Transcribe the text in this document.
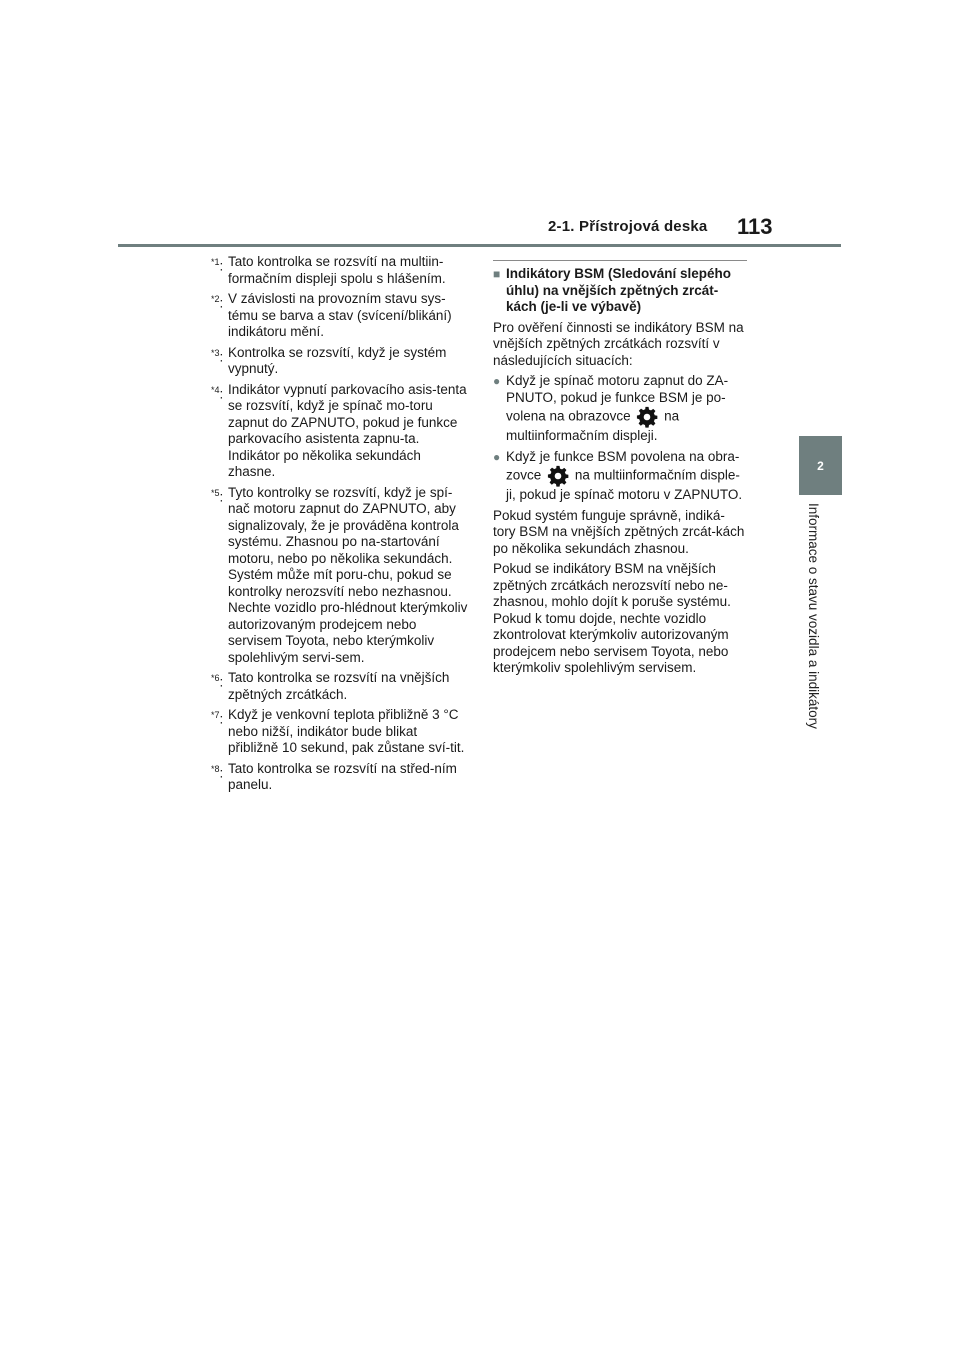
2-1. Přístrojová deska 113
2
Informace o stavu vozidla a indikátory
$^{*1}$: Tato kontrolka se rozsvítí na multiin-formačním displeji spolu s hlášením.
$^{*2}$: V závislosti na provozním stavu sys-tému se barva a stav (svícení/blikání) indikátoru mění.
$^{*3}$: Kontrolka se rozsvítí, když je systém vypnutý.
$^{*4}$: Indikátor vypnutí parkovacího asis-tenta se rozsvítí, když je spínač mo-toru zapnut do ZAPNUTO, pokud je funkce parkovacího asistenta zapnu-ta. Indikátor po několika sekundách zhasne.
$^{*5}$: Tyto kontrolky se rozsvítí, když je spí-nač motoru zapnut do ZAPNUTO, aby signalizovaly, že je prováděna kontrola systému. Zhasnou po na-startování motoru, nebo po několika sekundách. Systém může mít poru-chu, pokud se kontrolky nerozsvítí nebo nezhasnou. Nechte vozidlo pro-hlédnout kterýmkoliv autorizovaným prodejcem nebo servisem Toyota, nebo kterýmkoliv spolehlivým servi-sem.
$^{*6}$: Tato kontrolka se rozsvítí na vnějších zpětných zrcátkách.
$^{*7}$: Když je venkovní teplota přibližně 3 °C nebo nižší, indikátor bude blikat přibližně 10 sekund, pak zůstane sví-tit.
$^{*8}$: Tato kontrolka se rozsvítí na střed-ním panelu.
■ Indikátory BSM (Sledování slepého úhlu) na vnějších zpětných zrcát-kách (je-li ve výbavě)
Pro ověření činnosti se indikátory BSM na vnějších zpětných zrcátkách rozsvítí v následujících situacích:
● Když je spínač motoru zapnut do ZA-PNUTO, pokud je funkce BSM je po-volena na obrazovce na multiinformačním displeji.
● Když je funkce BSM povolena na obra-zovce na multiinformačním disple-ji, pokud je spínač motoru v ZAPNUTO.
Pokud systém funguje správně, indiká-tory BSM na vnějších zpětných zrcát-kách po několika sekundách zhasnou.
Pokud se indikátory BSM na vnějších zpětných zrcátkách nerozsvítí nebo ne-zhasnou, mohlo dojít k poruše systému. Pokud k tomu dojde, nechte vozidlo zkontrolovat kterýmkoliv autorizovaným prodejcem nebo servisem Toyota, nebo kterýmkoliv spolehlivým servisem.
